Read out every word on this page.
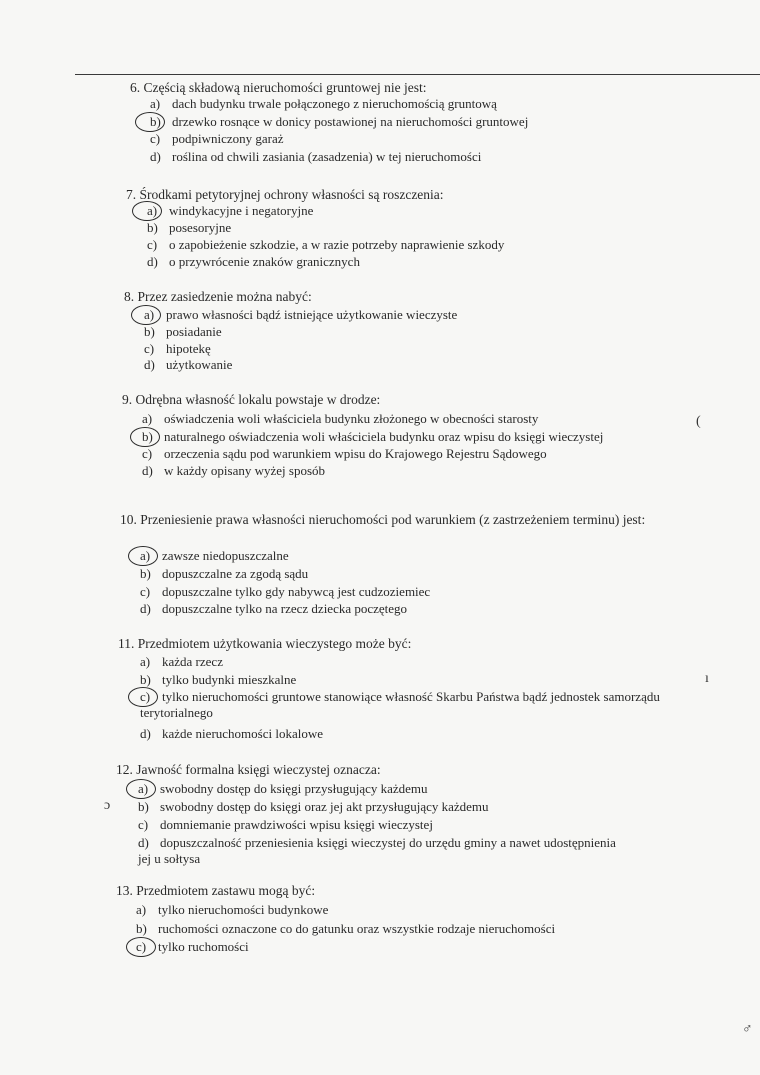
6. Częścią składową nieruchomości gruntowej nie jest:
a) dach budynku trwale połączonego z nieruchomością gruntową
b) drzewko rosnące w donicy postawionej na nieruchomości gruntowej
c) podpiwniczony garaż
d) roślina od chwili zasiania (zasadzenia) w tej nieruchomości
7. Środkami petytoryjnej ochrony własności są roszczenia:
a) windykacyjne i negatoryjne
b) posesoryjne
c) o zapobieżenie szkodzie, a w razie potrzeby naprawienie szkody
d) o przywrócenie znaków granicznych
8. Przez zasiedzenie można nabyć:
a) prawo własności bądź istniejące użytkowanie wieczyste
b) posiadanie
c) hipotekę
d) użytkowanie
9. Odrębna własność lokalu powstaje w drodze:
a) oświadczenia woli właściciela budynku złożonego w obecności starosty
b) naturalnego oświadczenia woli właściciela budynku oraz wpisu do księgi wieczystej
c) orzeczenia sądu pod warunkiem wpisu do Krajowego Rejestru Sądowego
d) w każdy opisany wyżej sposób
(
10. Przeniesienie prawa własności nieruchomości pod warunkiem (z zastrzeżeniem terminu) jest:
a) zawsze niedopuszczalne
b) dopuszczalne za zgodą sądu
c) dopuszczalne tylko gdy nabywcą jest cudzoziemiec
d) dopuszczalne tylko na rzecz dziecka poczętego
11. Przedmiotem użytkowania wieczystego może być:
a) każda rzecz
b) tylko budynki mieszkalne
c) tylko nieruchomości gruntowe stanowiące własność Skarbu Państwa bądź jednostek samorządu terytorialnego
d) każde nieruchomości lokalowe
ı
12. Jawność formalna księgi wieczystej oznacza:
a) swobodny dostęp do księgi przysługujący każdemu
b) swobodny dostęp do księgi oraz jej akt przysługujący każdemu
c) domniemanie prawdziwości wpisu księgi wieczystej
d) dopuszczalność przeniesienia księgi wieczystej do urzędu gminy a nawet udostępnienia jej u sołtysa
ɔ
13. Przedmiotem zastawu mogą być:
a) tylko nieruchomości budynkowe
b) ruchomości oznaczone co do gatunku oraz wszystkie rodzaje nieruchomości
c) tylko ruchomości
♂
